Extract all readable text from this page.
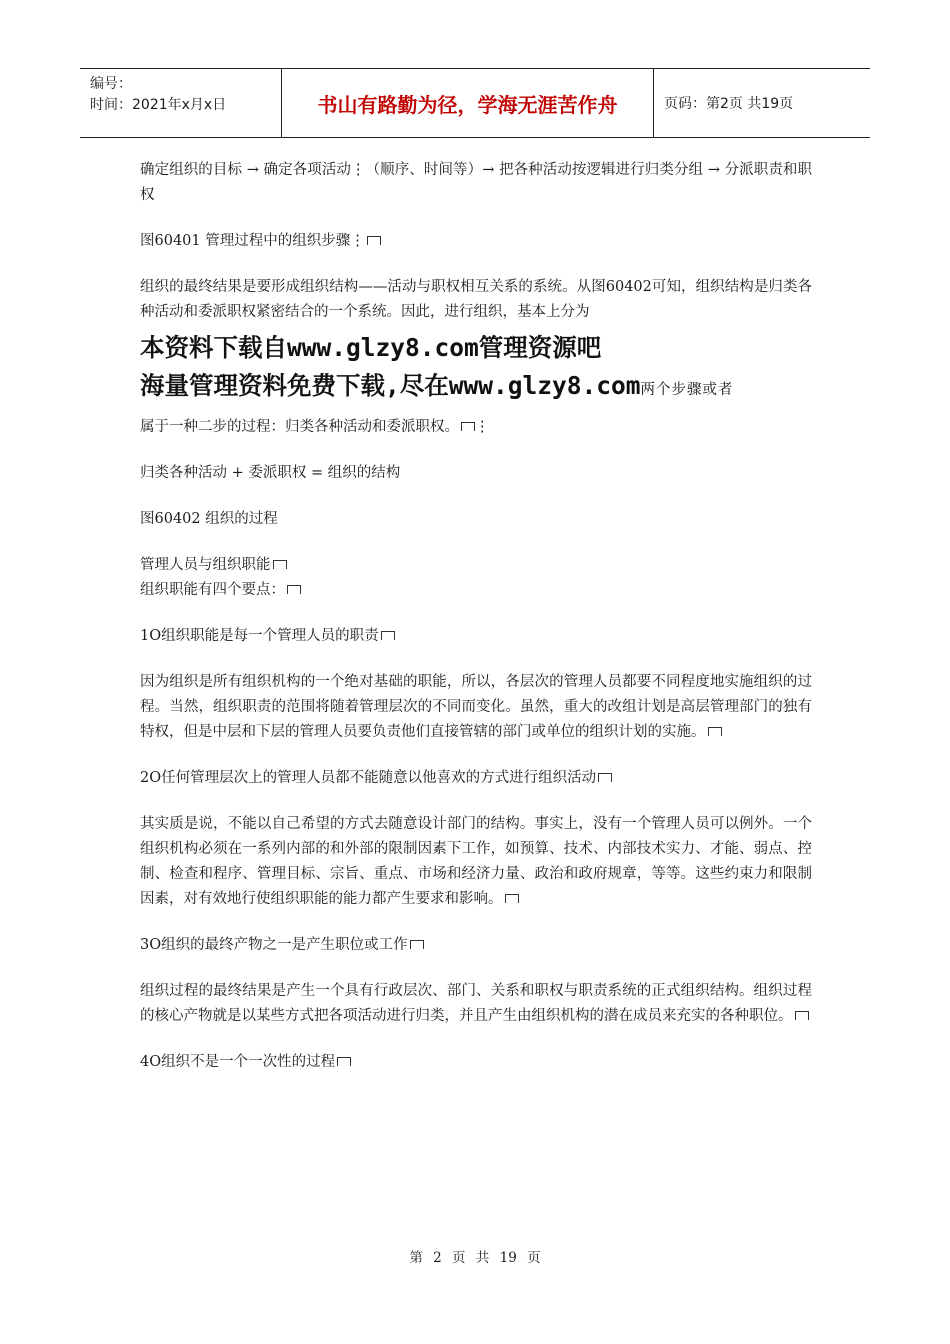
编号：
时间：2021年x月x日	书山有路勤为径，学海无涯苦作舟	页码：第2页 共19页

确定组织的目标 → 确定各项活动⋮（顺序、时间等）→ 把各种活动按逻辑进行归类分组 → 分派职责和职权

图60401 管理过程中的组织步骤⋮

组织的最终结果是要形成组织结构——活动与职权相互关系的系统。从图60402可知，组织结构是归类各种活动和委派职权紧密结合的一个系统。因此，进行组织，基本上分为

本资料下载自www.glzy8.com管理资源吧
海量管理资料免费下载,尽在www.glzy8.com两个步骤或者

属于一种二步的过程：归类各种活动和委派职权。 ⋮

归类各种活动 + 委派职权 = 组织的结构

图60402 组织的过程

管理人员与组织职能

组织职能有四个要点：

1O组织职能是每一个管理人员的职责

因为组织是所有组织机构的一个绝对基础的职能，所以，各层次的管理人员都要不同程度地实施组织的过程。当然，组织职责的范围将随着管理层次的不同而变化。虽然，重大的改组计划是高层管理部门的独有特权，但是中层和下层的管理人员要负责他们直接管辖的部门或单位的组织计划的实施。

2O任何管理层次上的管理人员都不能随意以他喜欢的方式进行组织活动

其实质是说，不能以自己希望的方式去随意设计部门的结构。事实上，没有一个管理人员可以例外。一个组织机构必须在一系列内部的和外部的限制因素下工作，如预算、技术、内部技术实力、才能、弱点、控制、检查和程序、管理目标、宗旨、重点、市场和经济力量、政治和政府规章，等等。这些约束力和限制因素，对有效地行使组织职能的能力都产生要求和影响。

3O组织的最终产物之一是产生职位或工作

组织过程的最终结果是产生一个具有行政层次、部门、关系和职权与职责系统的正式组织结构。组织过程的核心产物就是以某些方式把各项活动进行归类，并且产生由组织机构的潜在成员来充实的各种职位。

4O组织不是一个一次性的过程

第 2 页 共 19 页
